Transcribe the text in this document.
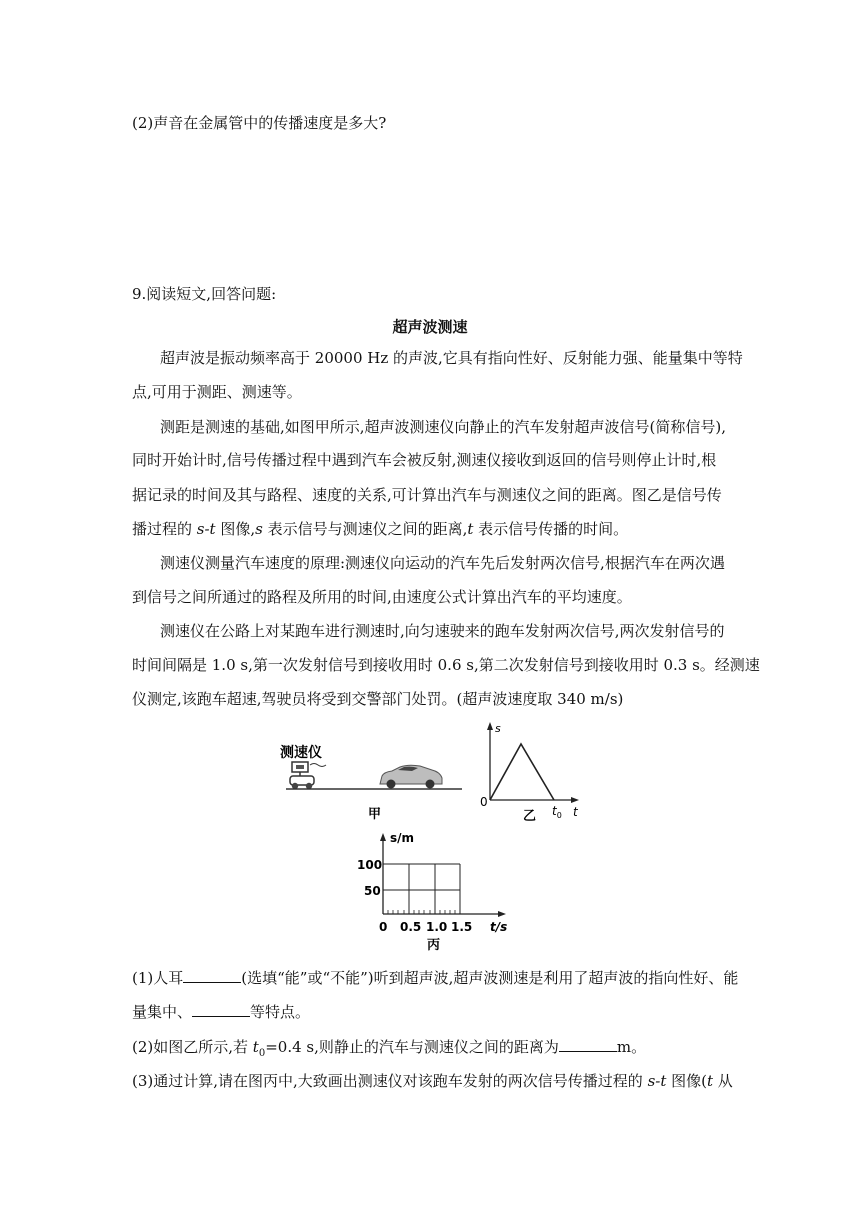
(2)声音在金属管中的传播速度是多大?
9.阅读短文,回答问题:
超声波测速
超声波是振动频率高于 20000 Hz 的声波,它具有指向性好、反射能力强、能量集中等特
点,可用于测距、测速等。
测距是测速的基础,如图甲所示,超声波测速仪向静止的汽车发射超声波信号(简称信号),
同时开始计时,信号传播过程中遇到汽车会被反射,测速仪接收到返回的信号则停止计时,根
据记录的时间及其与路程、速度的关系,可计算出汽车与测速仪之间的距离。图乙是信号传
播过程的 s-t 图像,s 表示信号与测速仪之间的距离,t 表示信号传播的时间。
测速仪测量汽车速度的原理:测速仪向运动的汽车先后发射两次信号,根据汽车在两次遇
到信号之间所通过的路程及所用的时间,由速度公式计算出汽车的平均速度。
测速仪在公路上对某跑车进行测速时,向匀速驶来的跑车发射两次信号,两次发射信号的
时间间隔是 1.0 s,第一次发射信号到接收用时 0.6 s,第二次发射信号到接收用时 0.3 s。经测速
仪测定,该跑车超速,驾驶员将受到交警部门处罚。(超声波速度取 340 m/s)
测速仪
甲
s
t
0
$t_0$
乙
s/m
100
50
0 0.5 1.0 1.5 t/s
丙
(1)人耳	(选填“能”或“不能”)听到超声波,超声波测速是利用了超声波的指向性好、能
量集中、	等特点。
(2)如图乙所示,若 $t_0=0.4$ s,则静止的汽车与测速仪之间的距离为	m。
(3)通过计算,请在图丙中,大致画出测速仪对该跑车发射的两次信号传播过程的 s-t 图像(t 从
